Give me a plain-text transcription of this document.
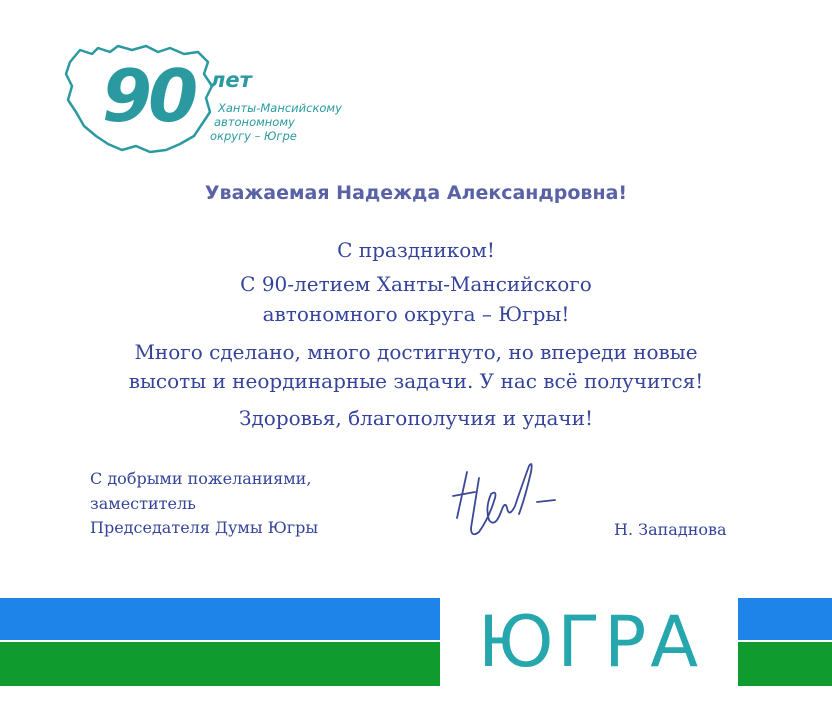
90 лет
Ханты-Мансийскому
автономному
округу – Югре
Уважаемая Надежда Александровна!
С праздником!
С 90-летием Ханты-Мансийского
автономного округа – Югры!
Много сделано, много достигнуто, но впереди новые
высоты и неординарные задачи. У нас всё получится!
Здоровья, благополучия и удачи!
С добрыми пожеланиями,
заместитель
Председателя Думы Югры	Н. Западнова
ЮГРА
